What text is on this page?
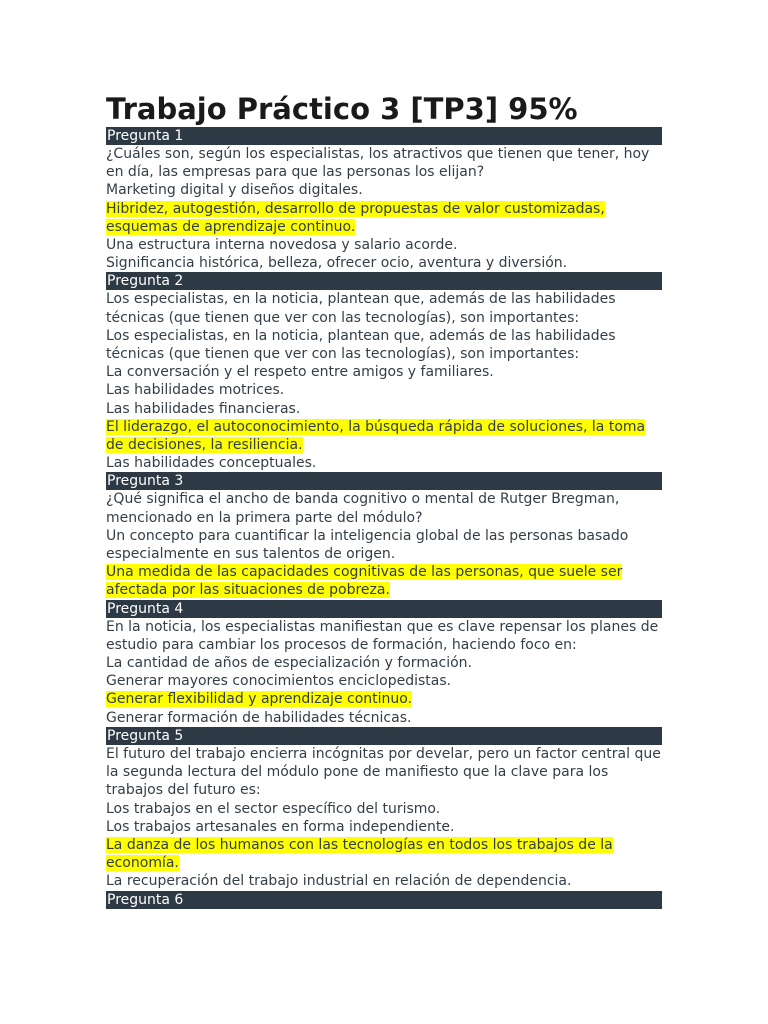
Trabajo Práctico 3 [TP3] 95%
Pregunta 1
¿Cuáles son, según los especialistas, los atractivos que tienen que tener, hoy en día, las empresas para que las personas los elijan?
Marketing digital y diseños digitales.
Hibridez, autogestión, desarrollo de propuestas de valor customizadas, esquemas de aprendizaje continuo.
Una estructura interna novedosa y salario acorde.
Significancia histórica, belleza, ofrecer ocio, aventura y diversión.
Pregunta 2
Los especialistas, en la noticia, plantean que, además de las habilidades técnicas (que tienen que ver con las tecnologías), son importantes:
Los especialistas, en la noticia, plantean que, además de las habilidades técnicas (que tienen que ver con las tecnologías), son importantes:
La conversación y el respeto entre amigos y familiares.
Las habilidades motrices.
Las habilidades financieras.
El liderazgo, el autoconocimiento, la búsqueda rápida de soluciones, la toma de decisiones, la resiliencia.
Las habilidades conceptuales.
Pregunta 3
¿Qué significa el ancho de banda cognitivo o mental de Rutger Bregman, mencionado en la primera parte del módulo?
Un concepto para cuantificar la inteligencia global de las personas basado especialmente en sus talentos de origen.
Una medida de las capacidades cognitivas de las personas, que suele ser afectada por las situaciones de pobreza.
Pregunta 4
En la noticia, los especialistas manifiestan que es clave repensar los planes de estudio para cambiar los procesos de formación, haciendo foco en:
La cantidad de años de especialización y formación.
Generar mayores conocimientos enciclopedistas.
Generar flexibilidad y aprendizaje continuo.
Generar formación de habilidades técnicas.
Pregunta 5
El futuro del trabajo encierra incógnitas por develar, pero un factor central que la segunda lectura del módulo pone de manifiesto que la clave para los trabajos del futuro es:
Los trabajos en el sector específico del turismo.
Los trabajos artesanales en forma independiente.
La danza de los humanos con las tecnologías en todos los trabajos de la economía.
La recuperación del trabajo industrial en relación de dependencia.
Pregunta 6
